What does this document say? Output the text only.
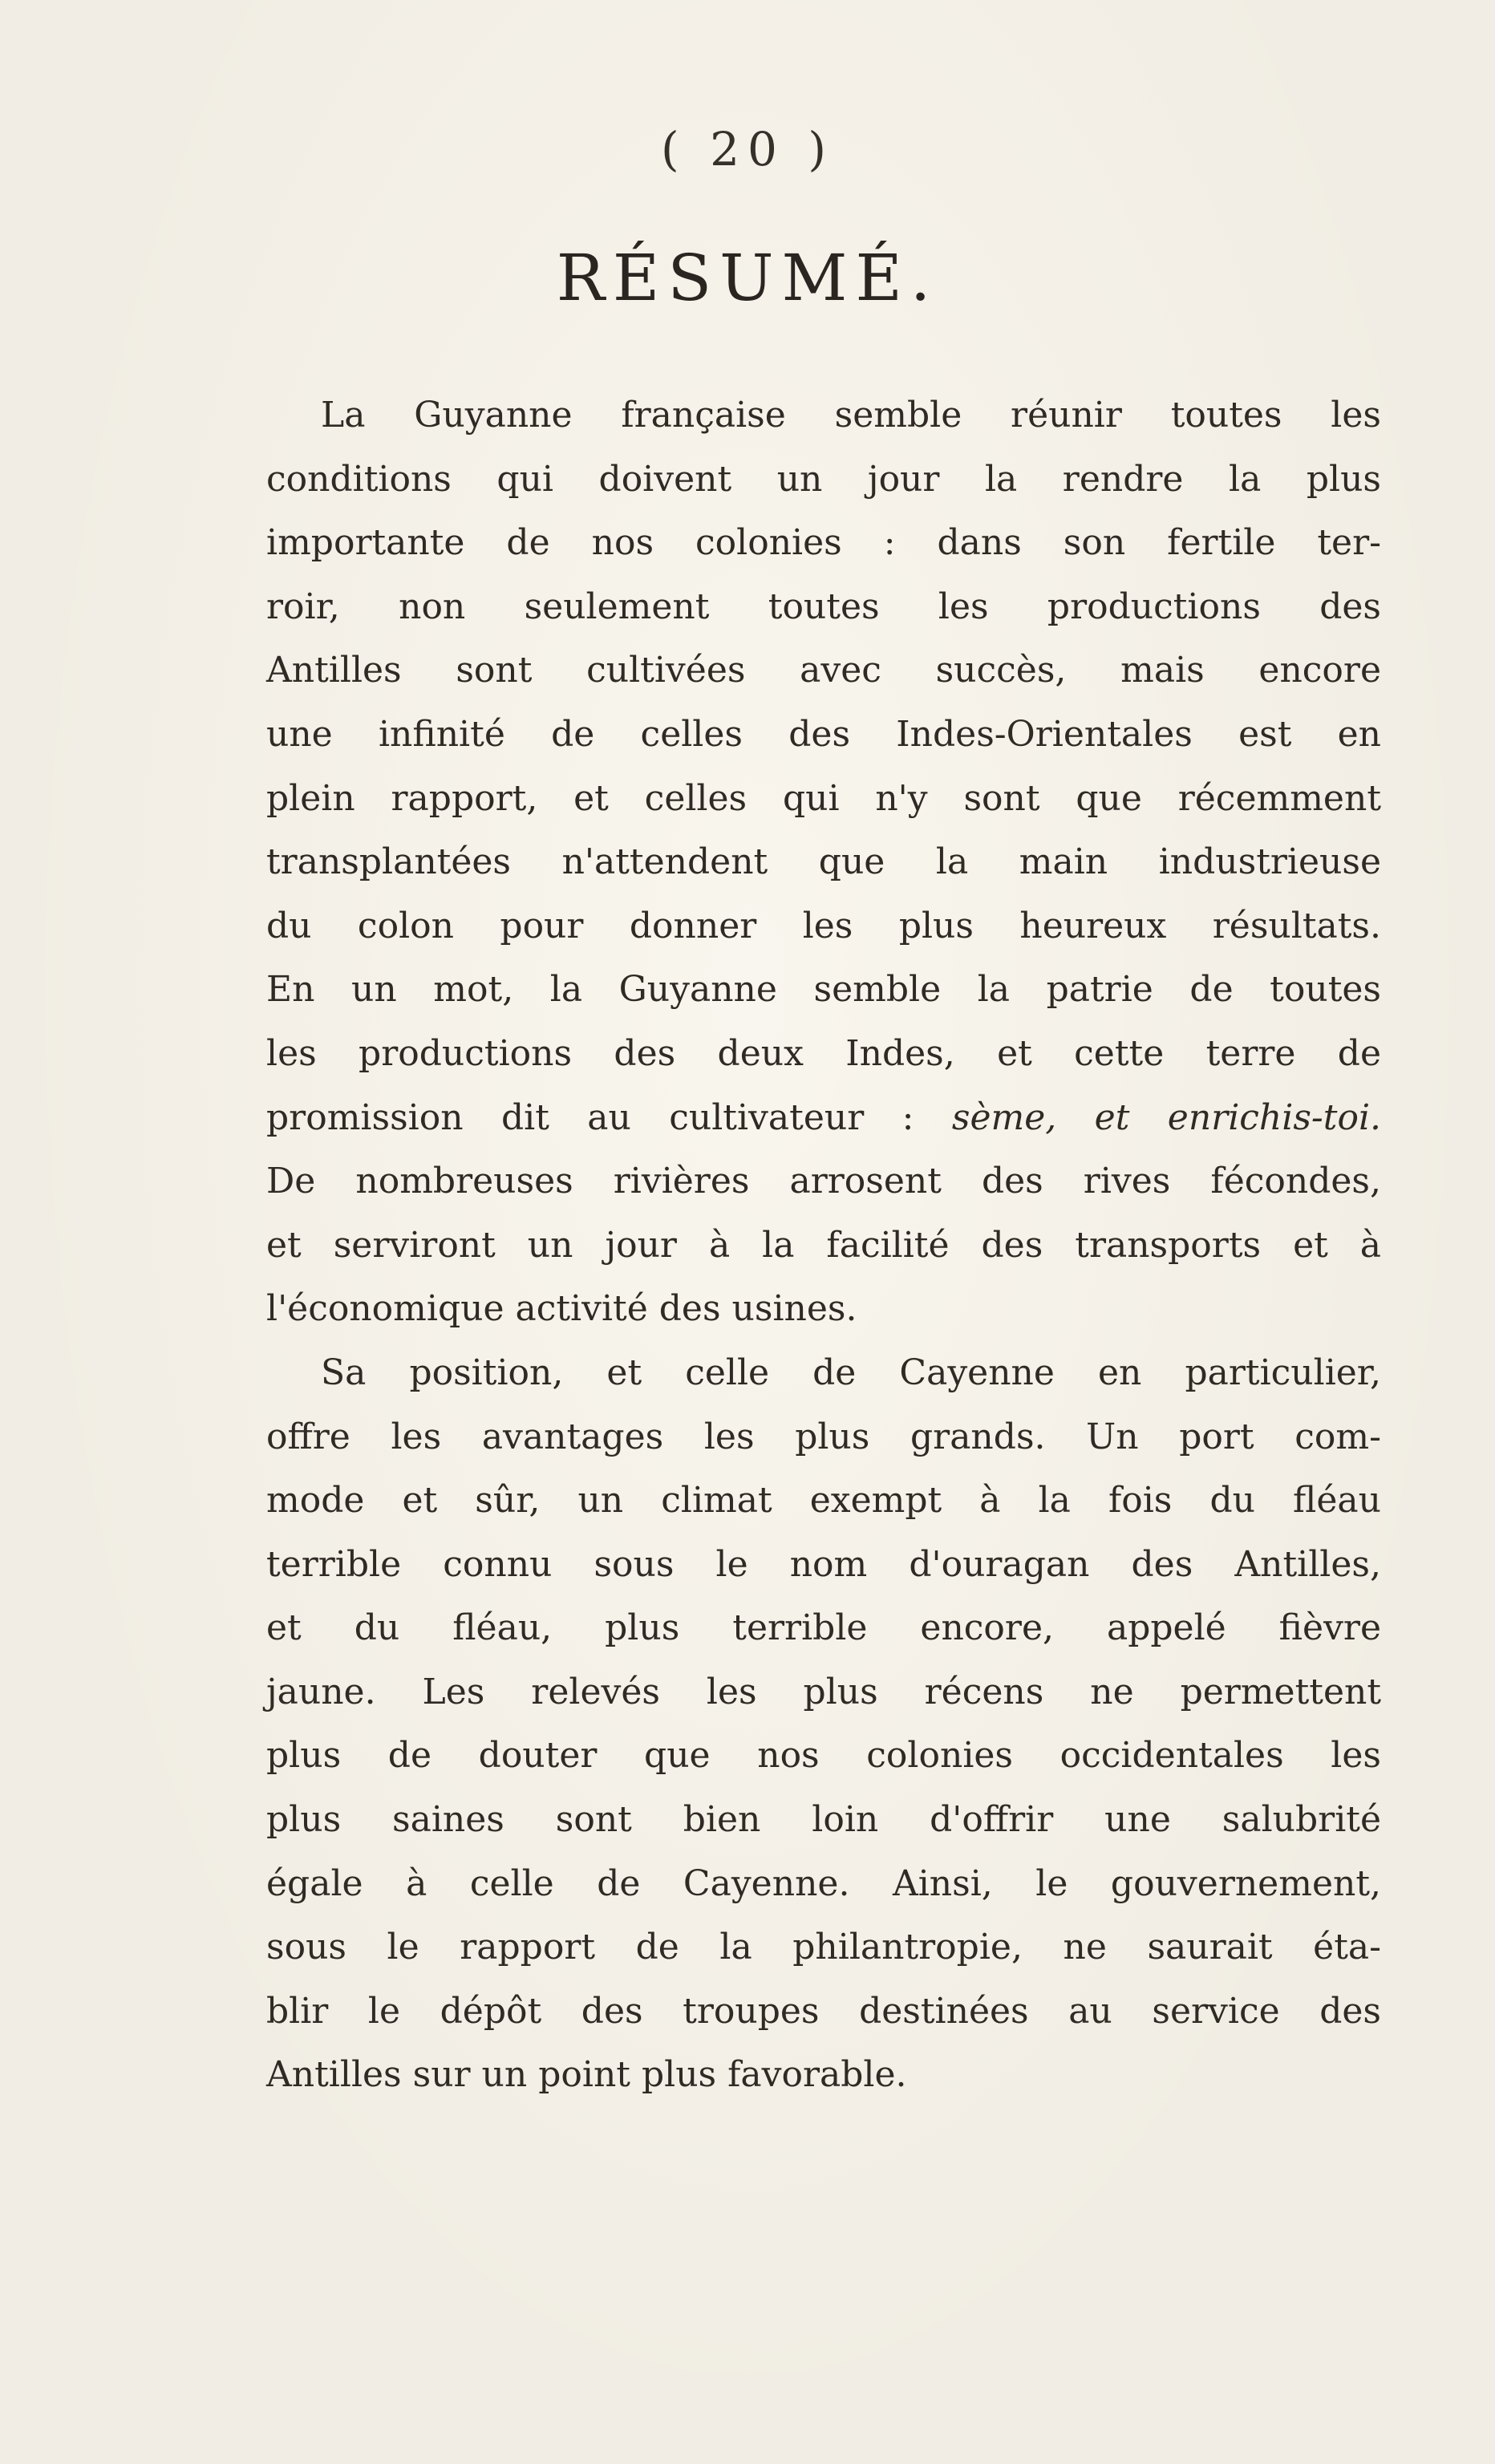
( 20 )
RÉSUMÉ.
La Guyanne française semble réunir toutes les
conditions qui doivent un jour la rendre la plus
importante de nos colonies : dans son fertile ter-
roir, non seulement toutes les productions des
Antilles sont cultivées avec succès, mais encore
une infinité de celles des Indes-Orientales est en
plein rapport, et celles qui n'y sont que récemment
transplantées n'attendent que la main industrieuse
du colon pour donner les plus heureux résultats.
En un mot, la Guyanne semble la patrie de toutes
les productions des deux Indes, et cette terre de
promission dit au cultivateur : sème, et enrichis-toi.
De nombreuses rivières arrosent des rives fécondes,
et serviront un jour à la facilité des transports et à
l'économique activité des usines.
Sa position, et celle de Cayenne en particulier,
offre les avantages les plus grands. Un port com-
mode et sûr, un climat exempt à la fois du fléau
terrible connu sous le nom d'ouragan des Antilles,
et du fléau, plus terrible encore, appelé fièvre
jaune. Les relevés les plus récens ne permettent
plus de douter que nos colonies occidentales les
plus saines sont bien loin d'offrir une salubrité
égale à celle de Cayenne. Ainsi, le gouvernement,
sous le rapport de la philantropie, ne saurait éta-
blir le dépôt des troupes destinées au service des
Antilles sur un point plus favorable.
